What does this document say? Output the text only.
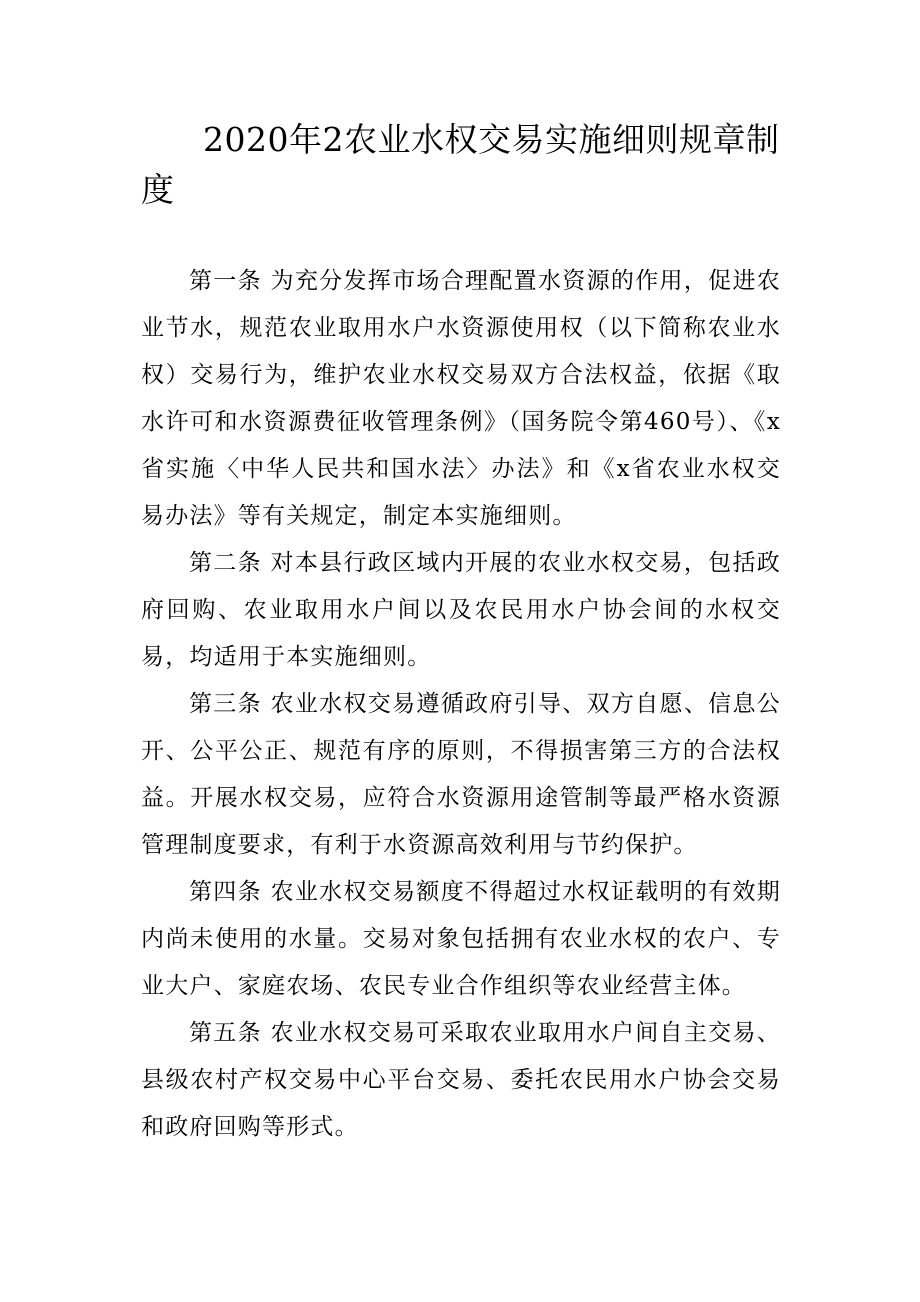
2020年2农业水权交易实施细则规章制度

第一条 为充分发挥市场合理配置水资源的作用，促进农业节水，规范农业取用水户水资源使用权（以下简称农业水权）交易行为，维护农业水权交易双方合法权益，依据《取水许可和水资源费征收管理条例》（国务院令第460号）、《x省实施〈中华人民共和国水法〉办法》和《x省农业水权交易办法》等有关规定，制定本实施细则。

第二条 对本县行政区域内开展的农业水权交易，包括政府回购、农业取用水户间以及农民用水户协会间的水权交易，均适用于本实施细则。

第三条 农业水权交易遵循政府引导、双方自愿、信息公开、公平公正、规范有序的原则，不得损害第三方的合法权益。开展水权交易，应符合水资源用途管制等最严格水资源管理制度要求，有利于水资源高效利用与节约保护。

第四条 农业水权交易额度不得超过水权证载明的有效期内尚未使用的水量。交易对象包括拥有农业水权的农户、专业大户、家庭农场、农民专业合作组织等农业经营主体。

第五条 农业水权交易可采取农业取用水户间自主交易、县级农村产权交易中心平台交易、委托农民用水户协会交易和政府回购等形式。
